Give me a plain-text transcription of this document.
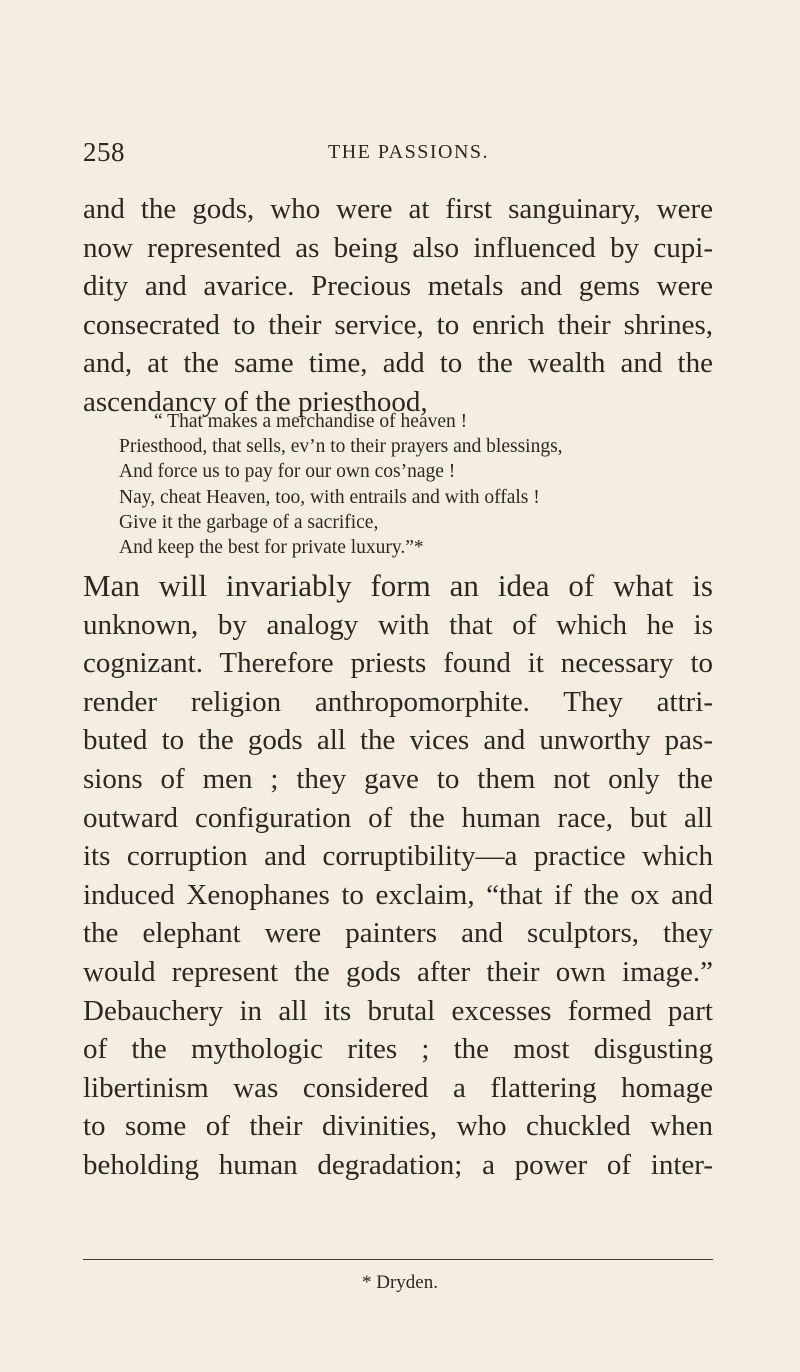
258	THE PASSIONS.
and the gods, who were at first sanguinary, were
now represented as being also influenced by cupi-
dity and avarice. Precious metals and gems were
consecrated to their service, to enrich their shrines,
and, at the same time, add to the wealth and the
ascendancy of the priesthood,
“ That makes a merchandise of heaven !
Priesthood, that sells, ev’n to their prayers and blessings,
And force us to pay for our own cos’nage !
Nay, cheat Heaven, too, with entrails and with offals !
Give it the garbage of a sacrifice,
And keep the best for private luxury.”*
Man will invariably form an idea of what is
unknown, by analogy with that of which he is
cognizant. Therefore priests found it necessary to
render religion anthropomorphite. They attri-
buted to the gods all the vices and unworthy pas-
sions of men ; they gave to them not only the
outward configuration of the human race, but all
its corruption and corruptibility—a practice which
induced Xenophanes to exclaim, “that if the ox and
the elephant were painters and sculptors, they
would represent the gods after their own image.”
Debauchery in all its brutal excesses formed part
of the mythologic rites ; the most disgusting
libertinism was considered a flattering homage
to some of their divinities, who chuckled when
beholding human degradation; a power of inter-
* Dryden.
